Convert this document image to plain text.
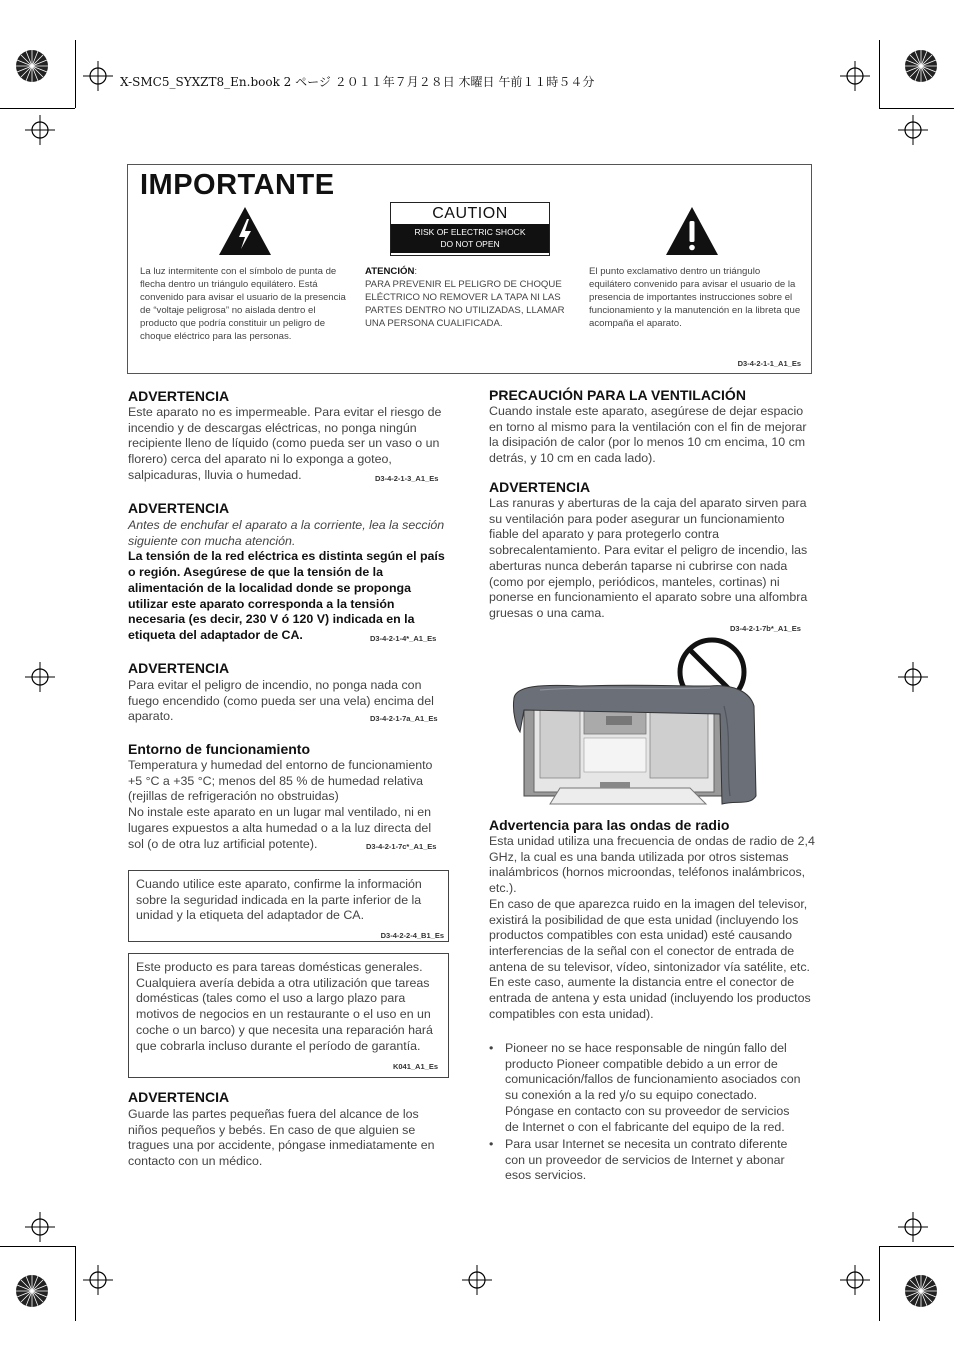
X-SMC5_SYXZT8_En.book 2 ページ ２０１１年７月２８日 木曜日 午前１１時５４分
IMPORTANTE
CAUTION
RISK OF ELECTRIC SHOCK
DO NOT OPEN
La luz intermitente con el símbolo de punta de flecha dentro un triángulo equilátero. Está convenido para avisar el usuario de la presencia de “voltaje peligrosa” no aislada dentro el producto que podría constituir un peligro de choque eléctrico para las personas.
ATENCIÓN:
PARA PREVENIR EL PELIGRO DE CHOQUE ELÉCTRICO NO REMOVER LA TAPA NI LAS PARTES DENTRO NO UTILIZADAS, LLAMAR UNA PERSONA CUALIFICADA.
El punto exclamativo dentro un triángulo equilátero convenido para avisar el usuario de la presencia de importantes instrucciones sobre el funcionamiento y la manutención en la libreta que acompaña el aparato.
D3-4-2-1-1_A1_Es
ADVERTENCIA
Este aparato no es impermeable. Para evitar el riesgo de incendio y de descargas eléctricas, no ponga ningún recipiente lleno de líquido (como pueda ser un vaso o un florero) cerca del aparato ni lo exponga a goteo, salpicaduras, lluvia o humedad.	D3-4-2-1-3_A1_Es
ADVERTENCIA
Antes de enchufar el aparato a la corriente, lea la sección siguiente con mucha atención.
La tensión de la red eléctrica es distinta según el país o región. Asegúrese de que la tensión de la alimentación de la localidad donde se proponga utilizar este aparato corresponda a la tensión necesaria (es decir, 230 V ó 120 V) indicada en la etiqueta del adaptador de CA.	D3-4-2-1-4*_A1_Es
ADVERTENCIA
Para evitar el peligro de incendio, no ponga nada con fuego encendido (como pueda ser una vela) encima del aparato.	D3-4-2-1-7a_A1_Es
Entorno de funcionamiento
Temperatura y humedad del entorno de funcionamiento +5 °C a +35 °C; menos del 85 % de humedad relativa (rejillas de refrigeración no obstruidas)
No instale este aparato en un lugar mal ventilado, ni en lugares expuestos a alta humedad o a la luz directa del sol (o de otra luz artificial potente).	D3-4-2-1-7c*_A1_Es
Cuando utilice este aparato, confirme la información sobre la seguridad indicada en la parte inferior de la unidad y la etiqueta del adaptador de CA.
D3-4-2-2-4_B1_Es
Este producto es para tareas domésticas generales. Cualquiera avería debida a otra utilización que tareas domésticas (tales como el uso a largo plazo para motivos de negocios en un restaurante o el uso en un coche o un barco) y que necesita una reparación hará que cobrarla incluso durante el período de garantía.
K041_A1_Es
ADVERTENCIA
Guarde las partes pequeñas fuera del alcance de los niños pequeños y bebés. En caso de que alguien se tragues una por accidente, póngase inmediatamente en contacto con un médico.
PRECAUCIÓN PARA LA VENTILACIÓN
Cuando instale este aparato, asegúrese de dejar espacio en torno al mismo para la ventilación con el fin de mejorar la disipación de calor (por lo menos 10 cm encima, 10 cm detrás, y 10 cm en cada lado).
ADVERTENCIA
Las ranuras y aberturas de la caja del aparato sirven para su ventilación para poder asegurar un funcionamiento fiable del aparato y para protegerlo contra sobrecalentamiento. Para evitar el peligro de incendio, las aberturas nunca deberán taparse ni cubrirse con nada (como por ejemplo, periódicos, manteles, cortinas) ni ponerse en funcionamiento el aparato sobre una alfombra gruesas o una cama.
D3-4-2-1-7b*_A1_Es
Advertencia para las ondas de radio
Esta unidad utiliza una frecuencia de ondas de radio de 2,4 GHz, la cual es una banda utilizada por otros sistemas inalámbricos (hornos microondas, teléfonos inalámbricos, etc.).
En caso de que aparezca ruido en la imagen del televisor, existirá la posibilidad de que esta unidad (incluyendo los productos compatibles con esta unidad) esté causando interferencias de la señal con el conector de entrada de antena de su televisor, vídeo, sintonizador vía satélite, etc.
En este caso, aumente la distancia entre el conector de entrada de antena y esta unidad (incluyendo los productos compatibles con esta unidad).
• Pioneer no se hace responsable de ningún fallo del producto Pioneer compatible debido a un error de comunicación/fallos de funcionamiento asociados con su conexión a la red y/o su equipo conectado. Póngase en contacto con su proveedor de servicios de Internet o con el fabricante del equipo de la red.
• Para usar Internet se necesita un contrato diferente con un proveedor de servicios de Internet y abonar esos servicios.
